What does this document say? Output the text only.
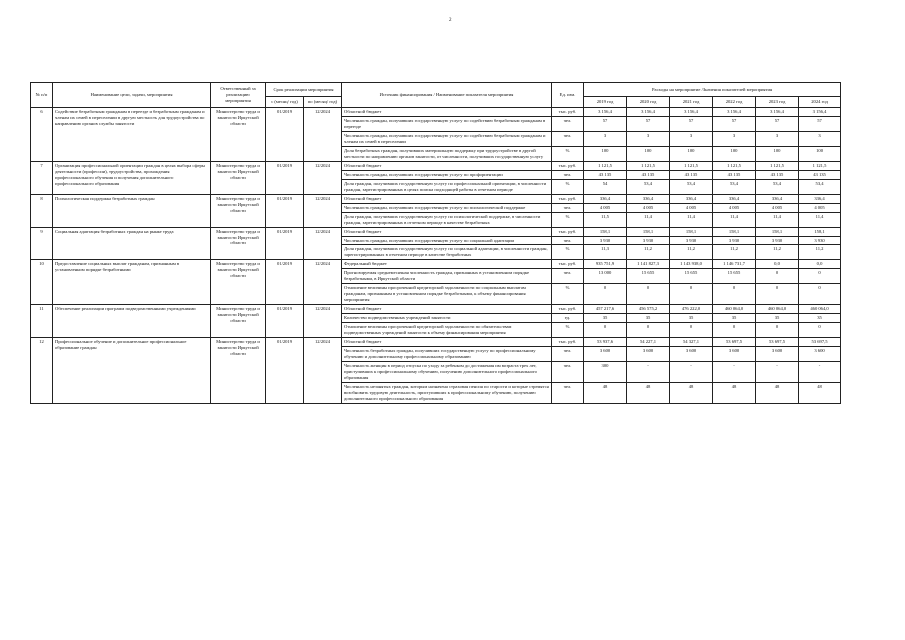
2
№ п/п	Наименование цели, задачи, мероприятия	Ответственный за реализацию мероприятия	Срок реализации мероприятия		Источник финансирования / Наименование показателя мероприятия	Ед. изм.	Расходы на мероприятие /Значения показателей мероприятия					
			с (месяц/ год)	по (месяц/ год)			2019 год	2020 год	2021 год	2022 год	2023 год	2024 год
6	Содействие безработным гражданам в переезде и безработным гражданам и членам их семей в переселении в другую местность для трудоустройства по направлению органов службы занятости	Министерство труда и занятости Иркутской области	01/2019	12/2024	Областной бюджет	тыс. руб.	3 156,4	3 156,4	3 156,4	3 156,4	3 156,4	3 156,4
					Численность граждан, получивших государственную услугу по содействию безработным гражданам в переезде	чел.	57	57	57	57	57	57
					Численность граждан, получивших государственную услугу по содействию безработным гражданам и членам их семей в переселении	чел.	3	3	3	3	3	3
					Доля безработных граждан, получивших материальную поддержку при трудоустройстве в другой местности по направлению органов занятости, от численности, получивших государственную услугу	%	100	100	100	100	100	100
7	Организация профессиональной ориентации граждан в целях выбора сферы деятельности (профессии), трудоустройства, прохождения профессионального обучения и получения дополнительного профессионального образования	Министерство труда и занятости Иркутской области	01/2019	12/2024	Областной бюджет	тыс. руб.	1 121,5	1 121,5	1 121,5	1 121,5	1 121,5	1 121,5
					Численность граждан, получивших государственную услугу по профориентации	чел.	43 135	43 135	43 135	43 135	43 135	43 135
					Доля граждан, получивших государственную услугу по профессиональной ориентации, в численности граждан, зарегистрированных в целях поиска подходящей работы в отчетном периоде	%	54	53,4	53,4	53,4	53,4	53,4
8	Психологическая поддержка безработных граждан	Министерство труда и занятости Иркутской области	01/2019	12/2024	Областной бюджет	тыс. руб.	336,4	336,4	336,4	336,4	336,4	336,4
					Численность граждан, получивших государственную услугу по психологической поддержке	чел.	4 005	4 005	4 005	4 005	4 005	4 005
					Доля граждан, получивших государственную услугу по психологической поддержке, в численности граждан, зарегистрированных в отчетном периоде в качестве безработных	%	11,5	11,4	11,4	11,4	11,4	11,4
9	Социальная адаптация безработных граждан на рынке труда	Министерство труда и занятости Иркутской области	01/2019	12/2024	Областной бюджет	тыс. руб.	158,1	158,1	158,1	158,1	158,1	158,1
					Численность граждан, получивших государственную услугу по социальной адаптации	чел.	3 930	3 930	3 930	3 930	3 930	3 930
					Доля граждан, получивших государственную услугу по социальной адаптации, в численности граждан, зарегистрированных в отчетном периоде в качестве безработных	%	11,3	11,2	11,2	11,2	11,2	11,2
10	Предоставление социальных выплат гражданам, признанным в установленном порядке безработными	Министерство труда и занятости Иркутской области	01/2019	12/2024	Федеральный бюджет	тыс. руб.	935 751,9	1 141 827,3	1 143 938,0	1 146 731,7	0,0	0,0
					Прогнозируемая среднемесячная численность граждан, признанных в установленном порядке безработными, в Иркутской области	чел.	13 000	15 655	15 655	15 655	0	0
					Отношение величины просроченной кредиторской задолженности по социальным выплатам гражданам, признанным в установленном порядке безработными, к объему финансирования мероприятия	%	0	0	0	0	0	0
11	Обеспечение реализации программ подведомственными учреждениями	Министерство труда и занятости Иркутской области	01/2019	12/2024	Областной бюджет	тыс. руб.	457 217,6	456 575,2	476 222,0	460 064,0	460 064,0	460 064,0
					Количество подведомственных учреждений занятости	ед.	35	35	35	35	35	35
					Отношение величины просроченной кредиторской задолженности по обязательствам подведомственных учреждений занятости к объему финансирования мероприятия	%	0	0	0	0	0	0
12	Профессиональное обучение и дополнительное профессиональное образование граждан	Министерство труда и занятости Иркутской области	01/2019	12/2024	Областной бюджет	тыс. руб.	53 937,6	54 227,1	54 327,1	53 697,5	53 697,5	53 697,5
					Численность безработных граждан, получивших государственную услугу по профессиональному обучению и дополнительному профессиональному образованию	чел.	3 600	3 600	3 600	3 600	3 600	3 600
					Численность женщин в период отпуска по уходу за ребенком до достижения им возраста трех лет, приступивших к профессиональному обучению, получению дополнительного профессионального образования	чел.	300	-	-	-	-	-
					Численность незанятых граждан, которым назначена страховая пенсия по старости и которые стремятся возобновить трудовую деятельность, приступивших к профессиональному обучению, получению дополнительного профессионального образования	чел.	48	48	48	48	48	48
